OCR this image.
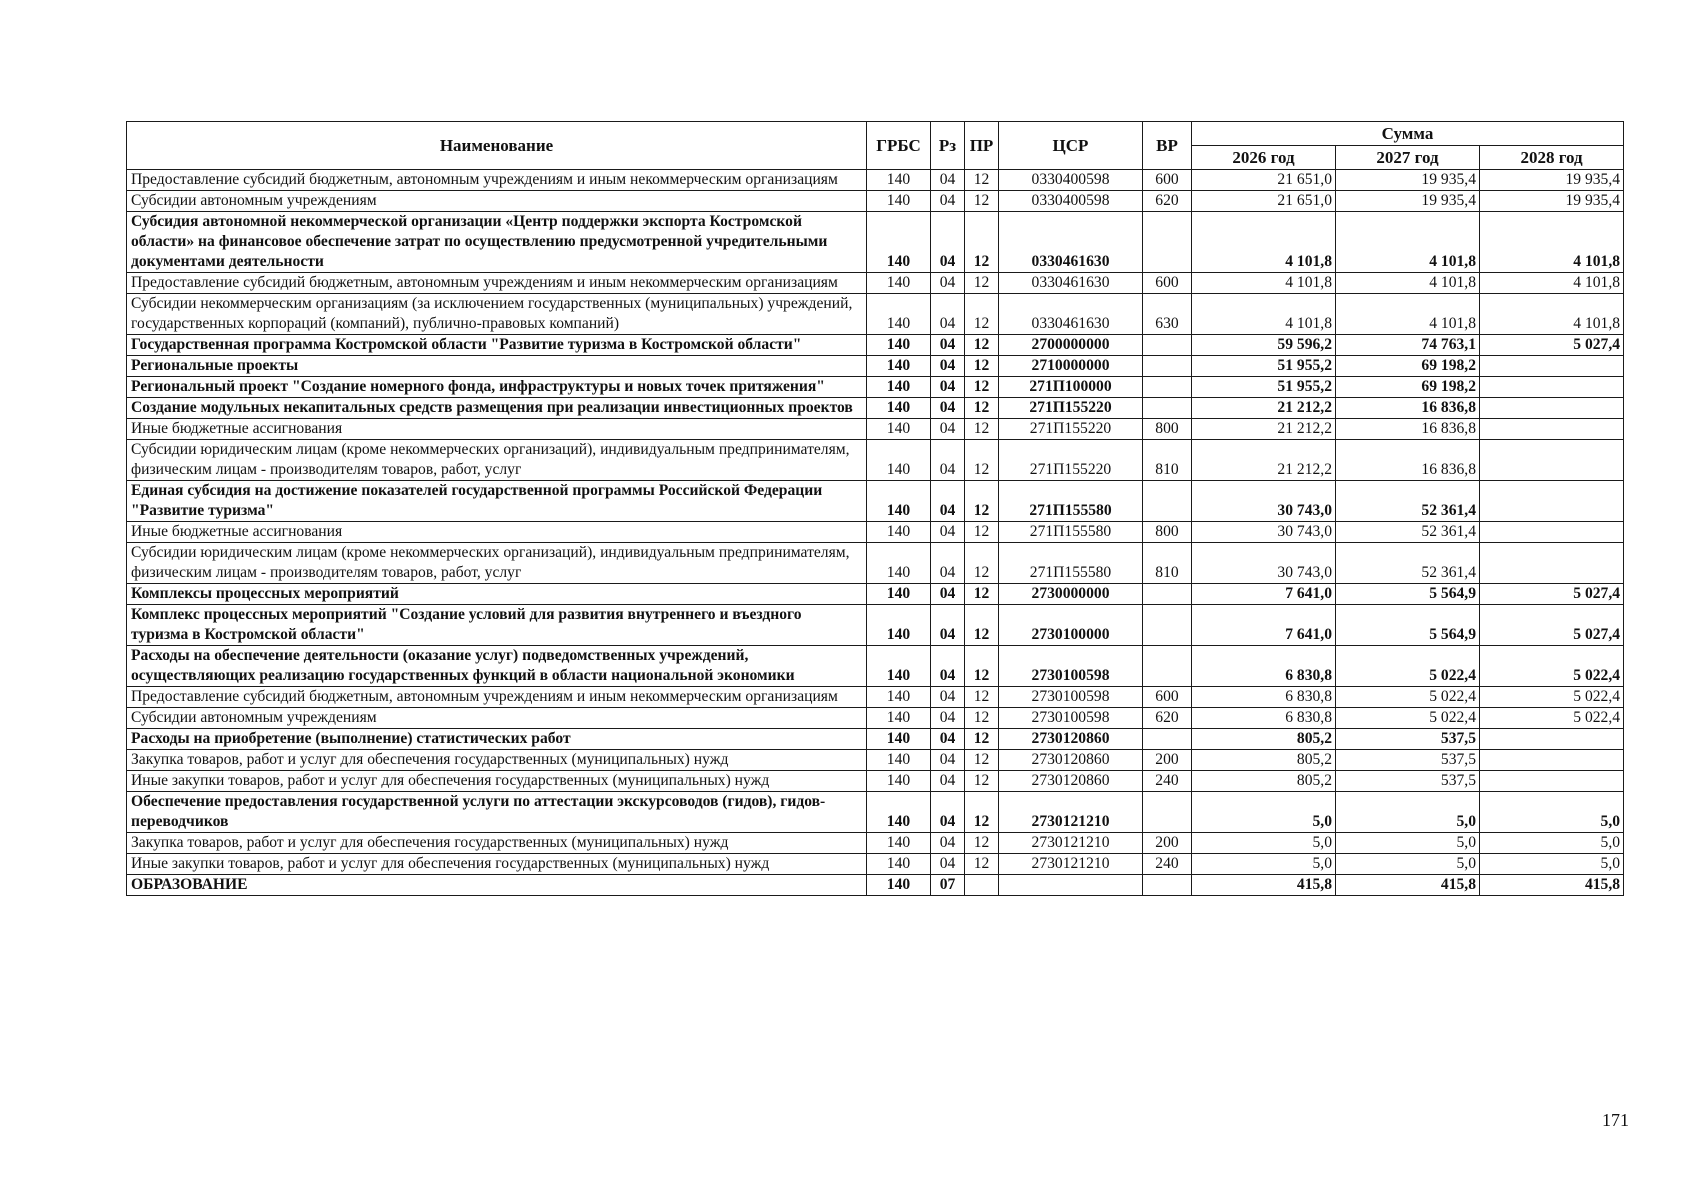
Наименование	ГРБС	Рз	ПР	ЦСР	ВР	Сумма		
						2026 год	2027 год	2028 год
Предоставление субсидий бюджетным, автономным учреждениям и иным некоммерческим организациям	140	04	12	0330400598	600	21 651,0	19 935,4	19 935,4
Субсидии автономным учреждениям	140	04	12	0330400598	620	21 651,0	19 935,4	19 935,4
Субсидия автономной некоммерческой организации «Центр поддержки экспорта Костромской области» на финансовое обеспечение затрат по осуществлению предусмотренной учредительными документами деятельности	140	04	12	0330461630		4 101,8	4 101,8	4 101,8
Предоставление субсидий бюджетным, автономным учреждениям и иным некоммерческим организациям	140	04	12	0330461630	600	4 101,8	4 101,8	4 101,8
Субсидии некоммерческим организациям (за исключением государственных (муниципальных) учреждений, государственных корпораций (компаний), публично-правовых компаний)	140	04	12	0330461630	630	4 101,8	4 101,8	4 101,8
Государственная программа Костромской области "Развитие туризма в Костромской области"	140	04	12	2700000000		59 596,2	74 763,1	5 027,4
Региональные проекты	140	04	12	2710000000		51 955,2	69 198,2	
Региональный проект "Создание номерного фонда, инфраструктуры и новых точек притяжения"	140	04	12	271П100000		51 955,2	69 198,2	
Создание модульных некапитальных средств размещения при реализации инвестиционных проектов	140	04	12	271П155220		21 212,2	16 836,8	
Иные бюджетные ассигнования	140	04	12	271П155220	800	21 212,2	16 836,8	
Субсидии юридическим лицам (кроме некоммерческих организаций), индивидуальным предпринимателям, физическим лицам - производителям товаров, работ, услуг	140	04	12	271П155220	810	21 212,2	16 836,8	
Единая субсидия на достижение показателей государственной программы Российской Федерации "Развитие туризма"	140	04	12	271П155580		30 743,0	52 361,4	
Иные бюджетные ассигнования	140	04	12	271П155580	800	30 743,0	52 361,4	
Субсидии юридическим лицам (кроме некоммерческих организаций), индивидуальным предпринимателям, физическим лицам - производителям товаров, работ, услуг	140	04	12	271П155580	810	30 743,0	52 361,4	
Комплексы процессных мероприятий	140	04	12	2730000000		7 641,0	5 564,9	5 027,4
Комплекс процессных мероприятий "Создание условий для развития внутреннего и въездного туризма в Костромской области"	140	04	12	2730100000		7 641,0	5 564,9	5 027,4
Расходы на обеспечение деятельности (оказание услуг) подведомственных учреждений, осуществляющих реализацию государственных функций в области национальной экономики	140	04	12	2730100598		6 830,8	5 022,4	5 022,4
Предоставление субсидий бюджетным, автономным учреждениям и иным некоммерческим организациям	140	04	12	2730100598	600	6 830,8	5 022,4	5 022,4
Субсидии автономным учреждениям	140	04	12	2730100598	620	6 830,8	5 022,4	5 022,4
Расходы на приобретение (выполнение) статистических работ	140	04	12	2730120860		805,2	537,5	
Закупка товаров, работ и услуг для обеспечения государственных (муниципальных) нужд	140	04	12	2730120860	200	805,2	537,5	
Иные закупки товаров, работ и услуг для обеспечения государственных (муниципальных) нужд	140	04	12	2730120860	240	805,2	537,5	
Обеспечение предоставления государственной услуги по аттестации экскурсоводов (гидов), гидов-переводчиков	140	04	12	2730121210		5,0	5,0	5,0
Закупка товаров, работ и услуг для обеспечения государственных (муниципальных) нужд	140	04	12	2730121210	200	5,0	5,0	5,0
Иные закупки товаров, работ и услуг для обеспечения государственных (муниципальных) нужд	140	04	12	2730121210	240	5,0	5,0	5,0
ОБРАЗОВАНИЕ	140	07				415,8	415,8	415,8
171
